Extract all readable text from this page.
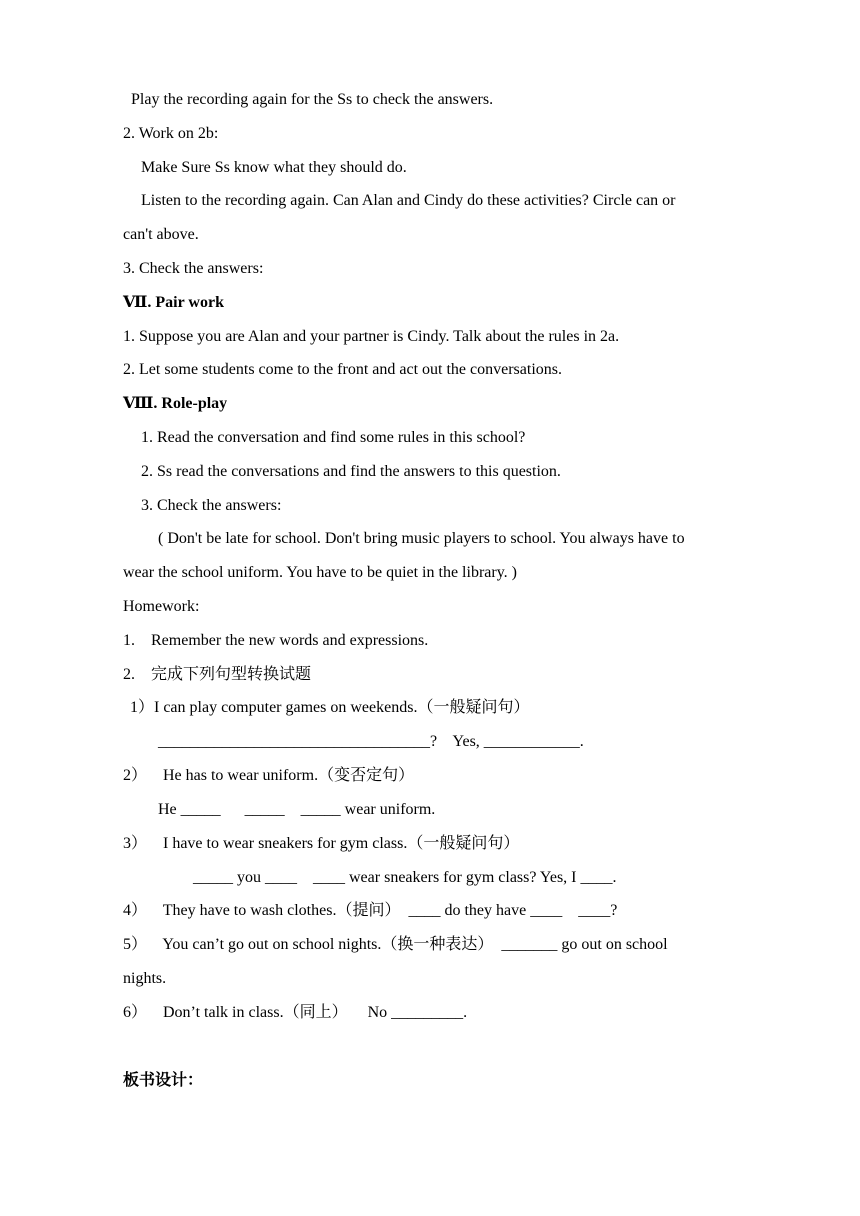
Play the recording again for the Ss to check the answers.
2. Work on 2b:
Make Sure Ss know what they should do.
Listen to the recording again. Can Alan and Cindy do these activities? Circle can or
can't above.
3. Check the answers:
Ⅶ. Pair work
1. Suppose you are Alan and your partner is Cindy. Talk about the rules in 2a.
2. Let some students come to the front and act out the conversations.
Ⅷ. Role-play
1. Read the conversation and find some rules in this school?
2. Ss read the conversations and find the answers to this question.
3. Check the answers:
( Don't be late for school. Don't bring music players to school. You always have to
wear the school uniform. You have to be quiet in the library. )
Homework:
1.    Remember the new words and expressions.
2.    完成下列句型转换试题
1）I can play computer games on weekends.（一般疑问句）
__________________________________?    Yes, ____________.
2）    He has to wear uniform.（变否定句）
He _____      _____    _____ wear uniform.
3）    I have to wear sneakers for gym class.（一般疑问句）
_____ you ____    ____ wear sneakers for gym class? Yes, I ____.
4）    They have to wash clothes.（提问）  ____ do they have ____    ____?
5）    You can’t go out on school nights.（换一种表达）  _______ go out on school
nights.
6）    Don’t talk in class.（同上）     No _________.
板书设计：
